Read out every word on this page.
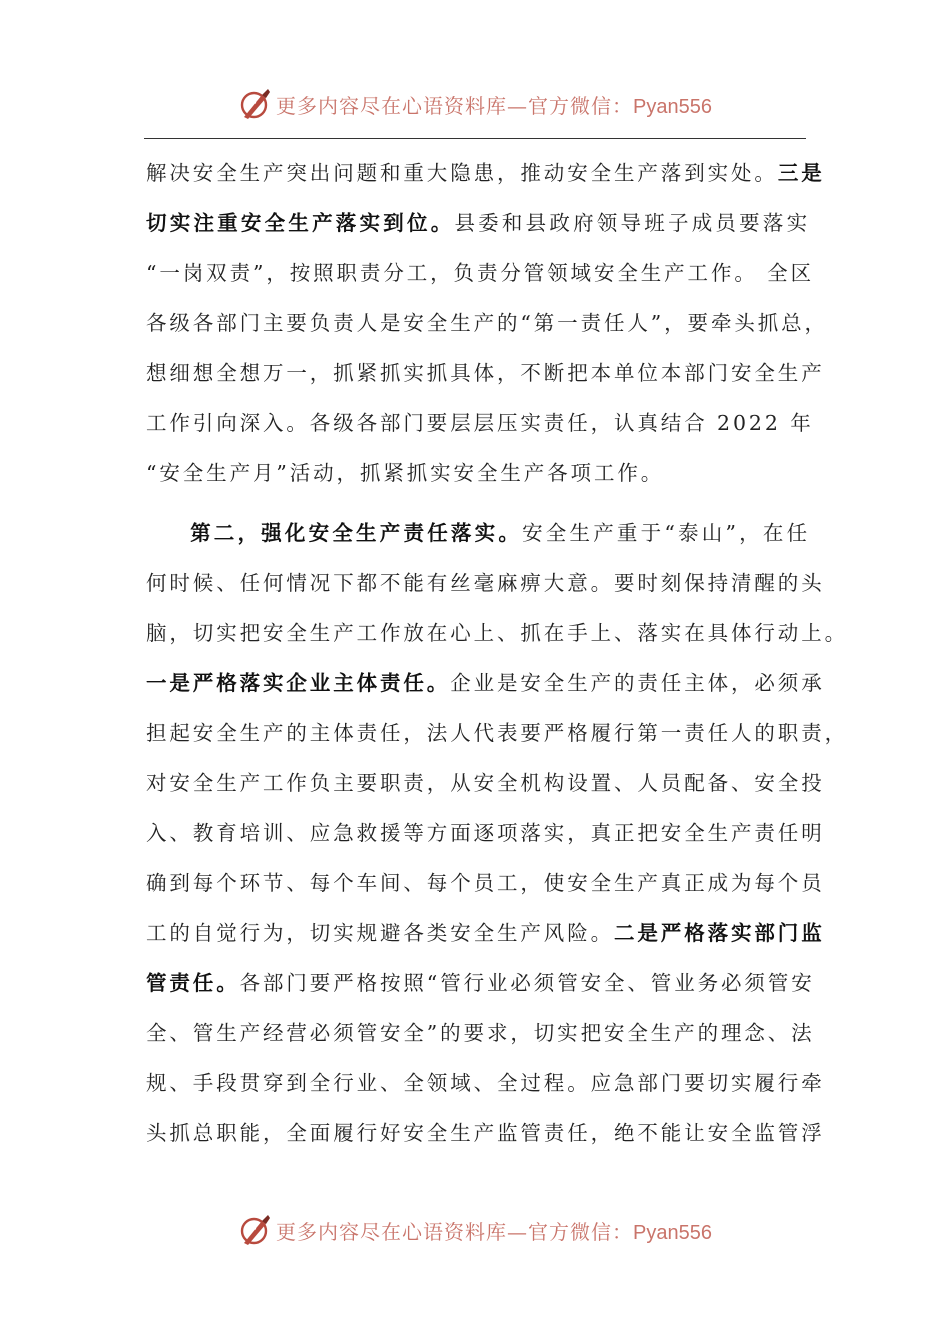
更多内容尽在心语资料库—官方微信：Pyan556
解决安全生产突出问题和重大隐患，推动安全生产落到实处。三是
切实注重安全生产落实到位。县委和县政府领导班子成员要落实
“一岗双责”，按照职责分工，负责分管领域安全生产工作。 全区
各级各部门主要负责人是安全生产的“第一责任人”，要牵头抓总，
想细想全想万一，抓紧抓实抓具体，不断把本单位本部门安全生产
工作引向深入。各级各部门要层层压实责任，认真结合 2022 年
“安全生产月”活动，抓紧抓实安全生产各项工作。
第二，强化安全生产责任落实。安全生产重于“泰山”，在任
何时候、任何情况下都不能有丝毫麻痹大意。要时刻保持清醒的头
脑，切实把安全生产工作放在心上、抓在手上、落实在具体行动上。
一是严格落实企业主体责任。企业是安全生产的责任主体，必须承
担起安全生产的主体责任，法人代表要严格履行第一责任人的职责，
对安全生产工作负主要职责，从安全机构设置、人员配备、安全投
入、教育培训、应急救援等方面逐项落实，真正把安全生产责任明
确到每个环节、每个车间、每个员工，使安全生产真正成为每个员
工的自觉行为，切实规避各类安全生产风险。二是严格落实部门监
管责任。各部门要严格按照“管行业必须管安全、管业务必须管安
全、管生产经营必须管安全”的要求，切实把安全生产的理念、法
规、手段贯穿到全行业、全领域、全过程。应急部门要切实履行牵
头抓总职能，全面履行好安全生产监管责任，绝不能让安全监管浮
更多内容尽在心语资料库—官方微信：Pyan556
